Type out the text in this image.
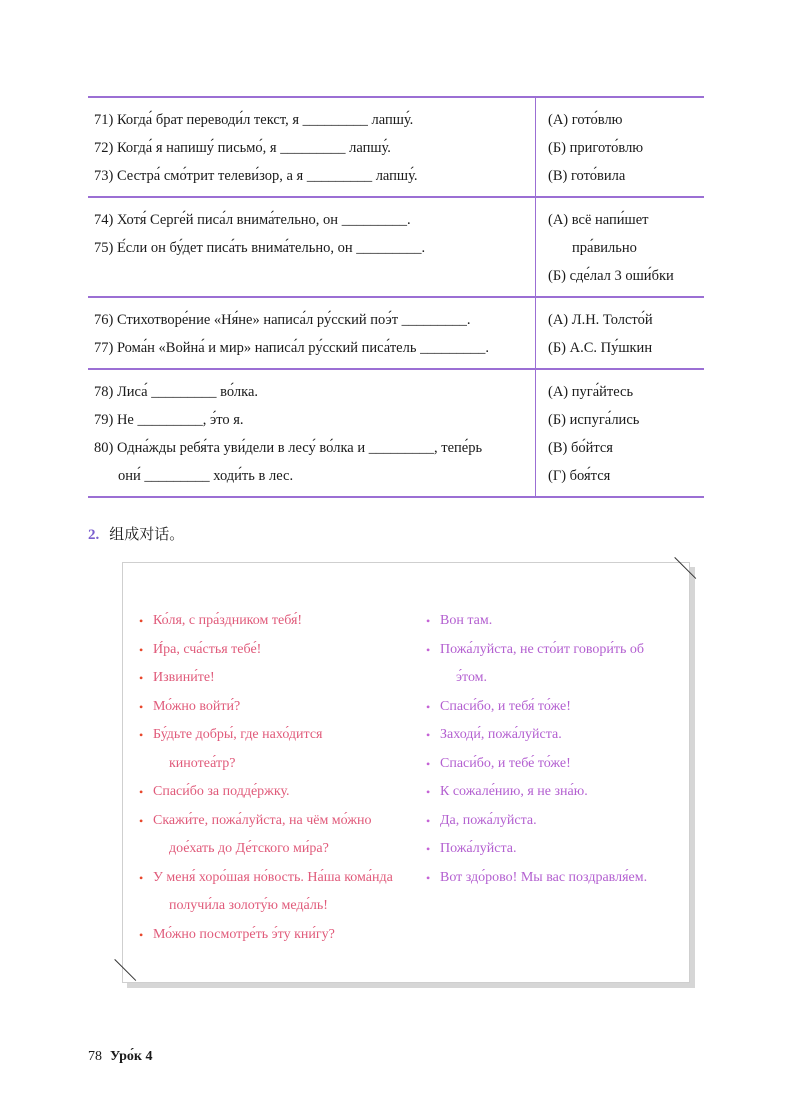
71) Когда́ брат переводи́л текст, я _________ лапшу́.
72) Когда́ я напишу́ письмо́, я _________ лапшу́.
73) Сестра́ смо́трит телеви́зор, а я _________ лапшу́.
(А) гото́влю
(Б) пригото́влю
(В) гото́вила
74) Хотя́ Серге́й писа́л внима́тельно, он _________.
75) Е́сли он бу́дет писа́ть внима́тельно, он _________.
(А) всё напи́шет
пра́вильно
(Б) сде́лал 3 оши́бки
76) Стихотворе́ние «Ня́не» написа́л ру́сский поэ́т _________.
77) Рома́н «Война́ и мир» написа́л ру́сский писа́тель _________.
(А) Л.Н. Толсто́й
(Б) А.С. Пу́шкин
78) Лиса́ _________ во́лка.
79) Не _________, э́то я.
80) Одна́жды ребя́та уви́дели в лесу́ во́лка и _________, тепе́рь
они́ _________ ходи́ть в лес.
(А) пуга́йтесь
(Б) испуга́лись
(В) бо́йтся
(Г) боя́тся
2. 组成对话。
• Ко́ля, с пра́здником тебя́!
• И́ра, сча́стья тебе́!
• Извини́те!
• Мо́жно войти́?
• Бу́дьте добры́, где нахо́дится
кинотеа́тр?
• Спаси́бо за подде́ржку.
• Скажи́те, пожа́луйста, на чём мо́жно
дое́хать до Де́тского ми́ра?
• У меня́ хоро́шая но́вость. На́ша кома́нда
получи́ла золоту́ю меда́ль!
• Мо́жно посмотре́ть э́ту кни́гу?
• Вон там.
• Пожа́луйста, не сто́ит говори́ть об
э́том.
• Спаси́бо, и тебя́ то́же!
• Заходи́, пожа́луйста.
• Спаси́бо, и тебе́ то́же!
• К сожале́нию, я не зна́ю.
• Да, пожа́луйста.
• Пожа́луйста.
• Вот здо́рово! Мы вас поздравля́ем.
78 Уро́к 4
